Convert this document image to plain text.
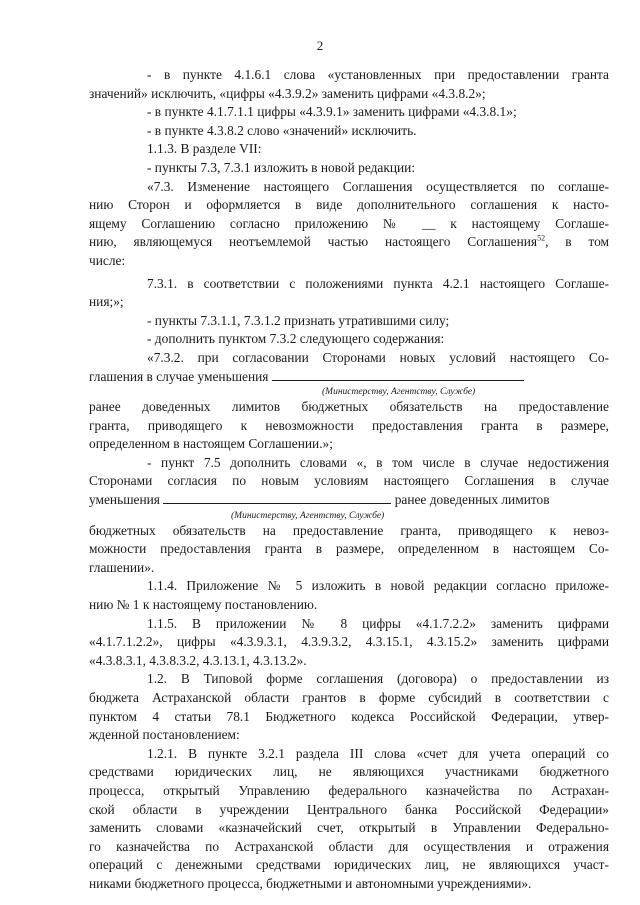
2
- в пункте 4.1.6.1 слова «установленных при предоставлении гранта
значений» исключить, «цифры «4.3.9.2» заменить цифрами «4.3.8.2»;
- в пункте 4.1.7.1.1 цифры «4.3.9.1» заменить цифрами «4.3.8.1»;
- в пункте 4.3.8.2 слово «значений» исключить.
1.1.3. В разделе VII:
- пункты 7.3, 7.3.1 изложить в новой редакции:
«7.3. Изменение настоящего Соглашения осуществляется по соглаше-
нию Сторон и оформляется в виде дополнительного соглашения к насто-
ящему Соглашению согласно приложению № __ к настоящему Соглаше-
нию, являющемуся неотъемлемой частью настоящего Соглашения$^{52}$, в том
числе:
7.3.1. в соответствии с положениями пункта 4.2.1 настоящего Соглаше-
ния;»;
- пункты 7.3.1.1, 7.3.1.2 признать утратившими силу;
- дополнить пунктом 7.3.2 следующего содержания:
«7.3.2. при согласовании Сторонами новых условий настоящего Со-
глашения в случае уменьшения
(Министерству, Агентству, Службе)
ранее доведенных лимитов бюджетных обязательств на предоставление
гранта, приводящего к невозможности предоставления гранта в размере,
определенном в настоящем Соглашении.»;
- пункт 7.5 дополнить словами «, в том числе в случае недостижения
Сторонами согласия по новым условиям настоящего Соглашения в случае
уменьшения	ранее доведенных лимитов
(Министерству, Агентству, Службе)
бюджетных обязательств на предоставление гранта, приводящего к невоз-
можности предоставления гранта в размере, определенном в настоящем Со-
глашении».
1.1.4. Приложение № 5 изложить в новой редакции согласно приложе-
нию № 1 к настоящему постановлению.
1.1.5. В приложении № 8 цифры «4.1.7.2.2» заменить цифрами
«4.1.7.1.2.2», цифры «4.3.9.3.1, 4.3.9.3.2, 4.3.15.1, 4.3.15.2» заменить цифрами
«4.3.8.3.1, 4.3.8.3.2, 4.3.13.1, 4.3.13.2».
1.2. В Типовой форме соглашения (договора) о предоставлении из
бюджета Астраханской области грантов в форме субсидий в соответствии с
пунктом 4 статьи 78.1 Бюджетного кодекса Российской Федерации, утвер-
жденной постановлением:
1.2.1. В пункте 3.2.1 раздела III слова «счет для учета операций со
средствами юридических лиц, не являющихся участниками бюджетного
процесса, открытый Управлению федерального казначейства по Астрахан-
ской области в учреждении Центрального банка Российской Федерации»
заменить словами «казначейский счет, открытый в Управлении Федерально-
го казначейства по Астраханской области для осуществления и отражения
операций с денежными средствами юридических лиц, не являющихся участ-
никами бюджетного процесса, бюджетными и автономными учреждениями».
